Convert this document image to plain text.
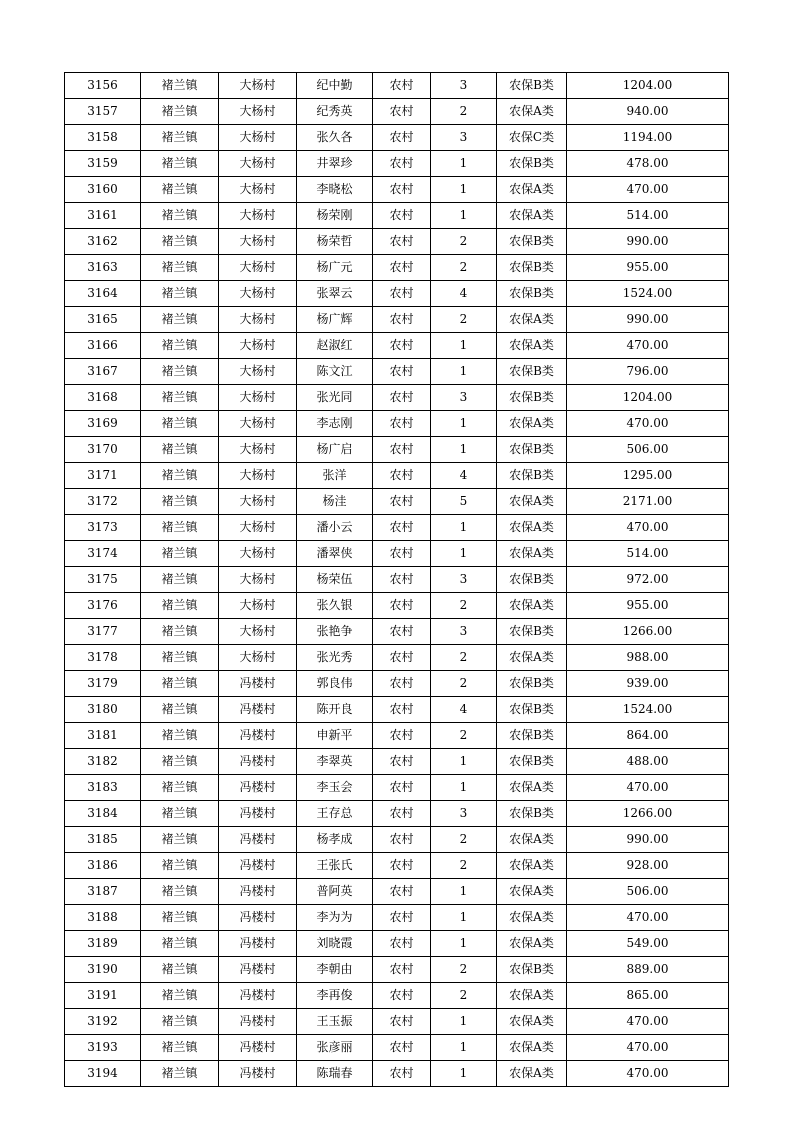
3156	褚兰镇	大杨村	纪中勤	农村	3	农保B类	1204.00
3157	褚兰镇	大杨村	纪秀英	农村	2	农保A类	940.00
3158	褚兰镇	大杨村	张久各	农村	3	农保C类	1194.00
3159	褚兰镇	大杨村	井翠珍	农村	1	农保B类	478.00
3160	褚兰镇	大杨村	李晓松	农村	1	农保A类	470.00
3161	褚兰镇	大杨村	杨荣刚	农村	1	农保A类	514.00
3162	褚兰镇	大杨村	杨荣哲	农村	2	农保B类	990.00
3163	褚兰镇	大杨村	杨广元	农村	2	农保B类	955.00
3164	褚兰镇	大杨村	张翠云	农村	4	农保B类	1524.00
3165	褚兰镇	大杨村	杨广辉	农村	2	农保A类	990.00
3166	褚兰镇	大杨村	赵淑红	农村	1	农保A类	470.00
3167	褚兰镇	大杨村	陈文江	农村	1	农保B类	796.00
3168	褚兰镇	大杨村	张光同	农村	3	农保B类	1204.00
3169	褚兰镇	大杨村	李志刚	农村	1	农保A类	470.00
3170	褚兰镇	大杨村	杨广启	农村	1	农保B类	506.00
3171	褚兰镇	大杨村	张洋	农村	4	农保B类	1295.00
3172	褚兰镇	大杨村	杨洼	农村	5	农保A类	2171.00
3173	褚兰镇	大杨村	潘小云	农村	1	农保A类	470.00
3174	褚兰镇	大杨村	潘翠侠	农村	1	农保A类	514.00
3175	褚兰镇	大杨村	杨荣伍	农村	3	农保B类	972.00
3176	褚兰镇	大杨村	张久银	农村	2	农保A类	955.00
3177	褚兰镇	大杨村	张艳争	农村	3	农保B类	1266.00
3178	褚兰镇	大杨村	张光秀	农村	2	农保A类	988.00
3179	褚兰镇	冯楼村	郭良伟	农村	2	农保B类	939.00
3180	褚兰镇	冯楼村	陈开良	农村	4	农保B类	1524.00
3181	褚兰镇	冯楼村	申新平	农村	2	农保B类	864.00
3182	褚兰镇	冯楼村	李翠英	农村	1	农保B类	488.00
3183	褚兰镇	冯楼村	李玉会	农村	1	农保A类	470.00
3184	褚兰镇	冯楼村	王存总	农村	3	农保B类	1266.00
3185	褚兰镇	冯楼村	杨孝成	农村	2	农保A类	990.00
3186	褚兰镇	冯楼村	王张氏	农村	2	农保A类	928.00
3187	褚兰镇	冯楼村	普阿英	农村	1	农保A类	506.00
3188	褚兰镇	冯楼村	李为为	农村	1	农保A类	470.00
3189	褚兰镇	冯楼村	刘晓霞	农村	1	农保A类	549.00
3190	褚兰镇	冯楼村	李朝由	农村	2	农保B类	889.00
3191	褚兰镇	冯楼村	李再俊	农村	2	农保A类	865.00
3192	褚兰镇	冯楼村	王玉振	农村	1	农保A类	470.00
3193	褚兰镇	冯楼村	张彦丽	农村	1	农保A类	470.00
3194	褚兰镇	冯楼村	陈瑞春	农村	1	农保A类	470.00
